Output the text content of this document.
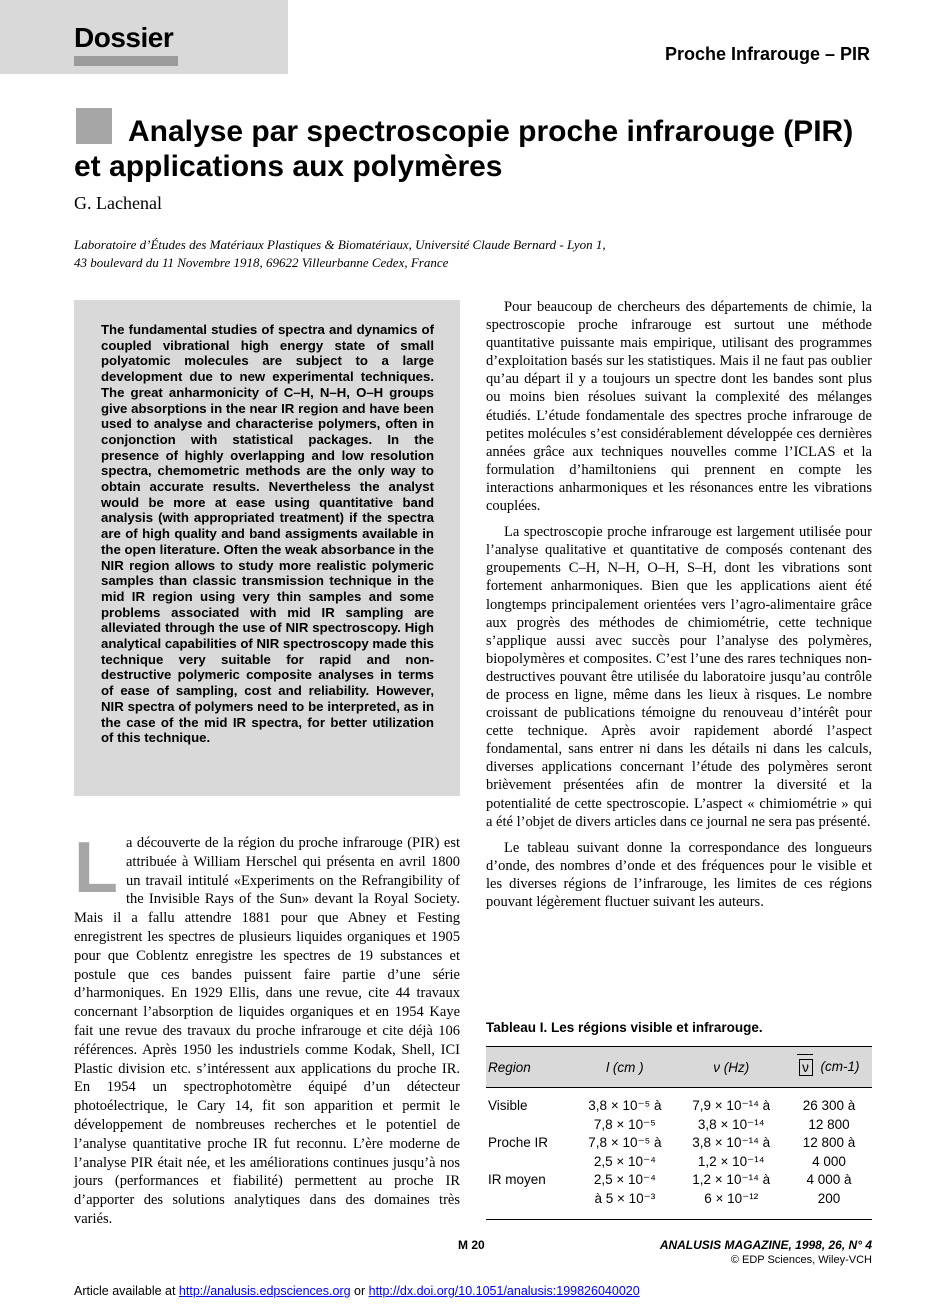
Dossier
Proche Infrarouge – PIR
Analyse par spectroscopie proche infrarouge (PIR) et applications aux polymères
G. Lachenal
Laboratoire d’Études des Matériaux Plastiques & Biomatériaux, Université Claude Bernard - Lyon 1,
43 boulevard du 11 Novembre 1918, 69622 Villeurbanne Cedex, France

The fundamental studies of spectra and dynamics of coupled vibrational high energy state of small polyatomic molecules are subject to a large development due to new experimental techniques. The great anharmonicity of C–H, N–H, O–H groups give absorptions in the near IR region and have been used to analyse and characterise polymers, often in conjonction with statistical packages. In the presence of highly overlapping and low resolution spectra, chemometric methods are the only way to obtain accurate results. Nevertheless the analyst would be more at ease using quantitative band analysis (with appropriated treatment) if the spectra are of high quality and band assigments available in the open literature. Often the weak absorbance in the NIR region allows to study more realistic polymeric samples than classic transmission technique in the mid IR region using very thin samples and some problems associated with mid IR sampling are alleviated through the use of NIR spectroscopy. High analytical capabilities of NIR spectroscopy made this technique very suitable for rapid and non-destructive polymeric composite analyses in terms of ease of sampling, cost and reliability. However, NIR spectra of polymers need to be interpreted, as in the case of the mid IR spectra, for better utilization of this technique.

La découverte de la région du proche infrarouge (PIR) est attribuée à William Herschel qui présenta en avril 1800 un travail intitulé «Experiments on the Refrangibility of the Invisible Rays of the Sun» devant la Royal Society. Mais il a fallu attendre 1881 pour que Abney et Festing enregistrent les spectres de plusieurs liquides organiques et 1905 pour que Coblentz enregistre les spectres de 19 substances et postule que ces bandes puissent faire partie d’une série d’harmoniques. En 1929 Ellis, dans une revue, cite 44 travaux concernant l’absorption de liquides organiques et en 1954 Kaye fait une revue des travaux du proche infrarouge et cite déjà 106 références. Après 1950 les industriels comme Kodak, Shell, ICI Plastic division etc. s’intéressent aux applications du proche IR. En 1954 un spectrophotomètre équipé d’un détecteur photoélectrique, le Cary 14, fit son apparition et permit le développement de nombreuses recherches et le potentiel de l’analyse quantitative proche IR fut reconnu. L’ère moderne de l’analyse PIR était née, et les améliorations continues jusqu’à nos jours (performances et fiabilité) permettent au proche IR d’apporter des solutions analytiques dans des domaines très variés.

Pour beaucoup de chercheurs des départements de chimie, la spectroscopie proche infrarouge est surtout une méthode quantitative puissante mais empirique, utilisant des programmes d’exploitation basés sur les statistiques. Mais il ne faut pas oublier qu’au départ il y a toujours un spectre dont les bandes sont plus ou moins bien résolues suivant la complexité des mélanges étudiés. L’étude fondamentale des spectres proche infrarouge de petites molécules s’est considérablement développée ces dernières années grâce aux techniques nouvelles comme l’ICLAS et la formulation d’hamiltoniens qui prennent en compte les interactions anharmoniques et les résonances entre les vibrations couplées.

La spectroscopie proche infrarouge est largement utilisée pour l’analyse qualitative et quantitative de composés contenant des groupements C–H, N–H, O–H, S–H, dont les vibrations sont fortement anharmoniques. Bien que les applications aient été longtemps principalement orientées vers l’agro-alimentaire grâce aux progrès des méthodes de chimiométrie, cette technique s’applique aussi avec succès pour l’analyse des polymères, biopolymères et composites. C’est l’une des rares techniques non-destructives pouvant être utilisée du laboratoire jusqu’au contrôle de process en ligne, même dans les lieux à risques. Le nombre croissant de publications témoigne du renouveau d’intérêt pour cette technique. Après avoir rapidement abordé l’aspect fondamental, sans entrer ni dans les détails ni dans les calculs, diverses applications concernant l’étude des polymères seront brièvement présentées afin de montrer la diversité et la potentialité de cette spectroscopie. L’aspect « chimiométrie » qui a été l’objet de divers articles dans ce journal ne sera pas présenté.

Le tableau suivant donne la correspondance des longueurs d’onde, des nombres d’onde et des fréquences pour le visible et les diverses régions de l’infrarouge, les limites de ces régions pouvant légèrement fluctuer suivant les auteurs.

Tableau I. Les régions visible et infrarouge.
Region	l (cm )	ν (Hz)	ν (cm-1)
Visible	3,8 × 10⁻⁵ à	7,9 × 10⁻¹⁴ à	26 300 à
	7,8 × 10⁻⁵	3,8 × 10⁻¹⁴	12 800
Proche IR	7,8 × 10⁻⁵ à	3,8 × 10⁻¹⁴ à	12 800 à
	2,5 × 10⁻⁴	1,2 × 10⁻¹⁴	4 000
IR moyen	2,5 × 10⁻⁴	1,2 × 10⁻¹⁴ à	4 000 à
	à 5 × 10⁻³	6 × 10⁻¹²	200
M 20	ANALUSIS MAGAZINE, 1998, 26, N° 4
© EDP Sciences, Wiley-VCH
Article available at http://analusis.edpsciences.org or http://dx.doi.org/10.1051/analusis:199826040020
